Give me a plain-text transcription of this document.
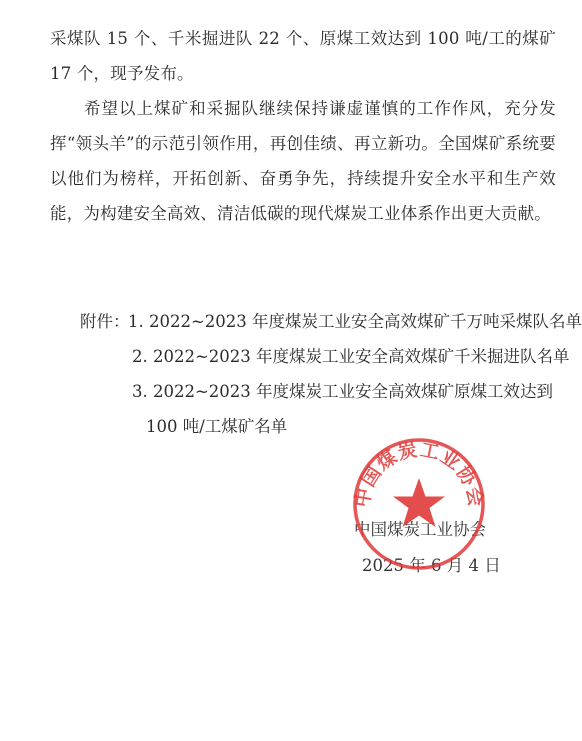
采煤队 15 个、千米掘进队 22 个、原煤工效达到 100 吨/工的煤矿 17 个，现予发布。

希望以上煤矿和采掘队继续保持谦虚谨慎的工作作风，充分发挥“领头羊”的示范引领作用，再创佳绩、再立新功。全国煤矿系统要以他们为榜样，开拓创新、奋勇争先，持续提升安全水平和生产效能，为构建安全高效、清洁低碳的现代煤炭工业体系作出更大贡献。

附件：
1. 2022~2023 年度煤炭工业安全高效煤矿千万吨采煤队名单
2. 2022~2023 年度煤炭工业安全高效煤矿千米掘进队名单
3. 2022~2023 年度煤炭工业安全高效煤矿原煤工效达到
100 吨/工煤矿名单
中国煤炭工业协会
2025 年 6 月 4 日
中国煤炭工业协会
